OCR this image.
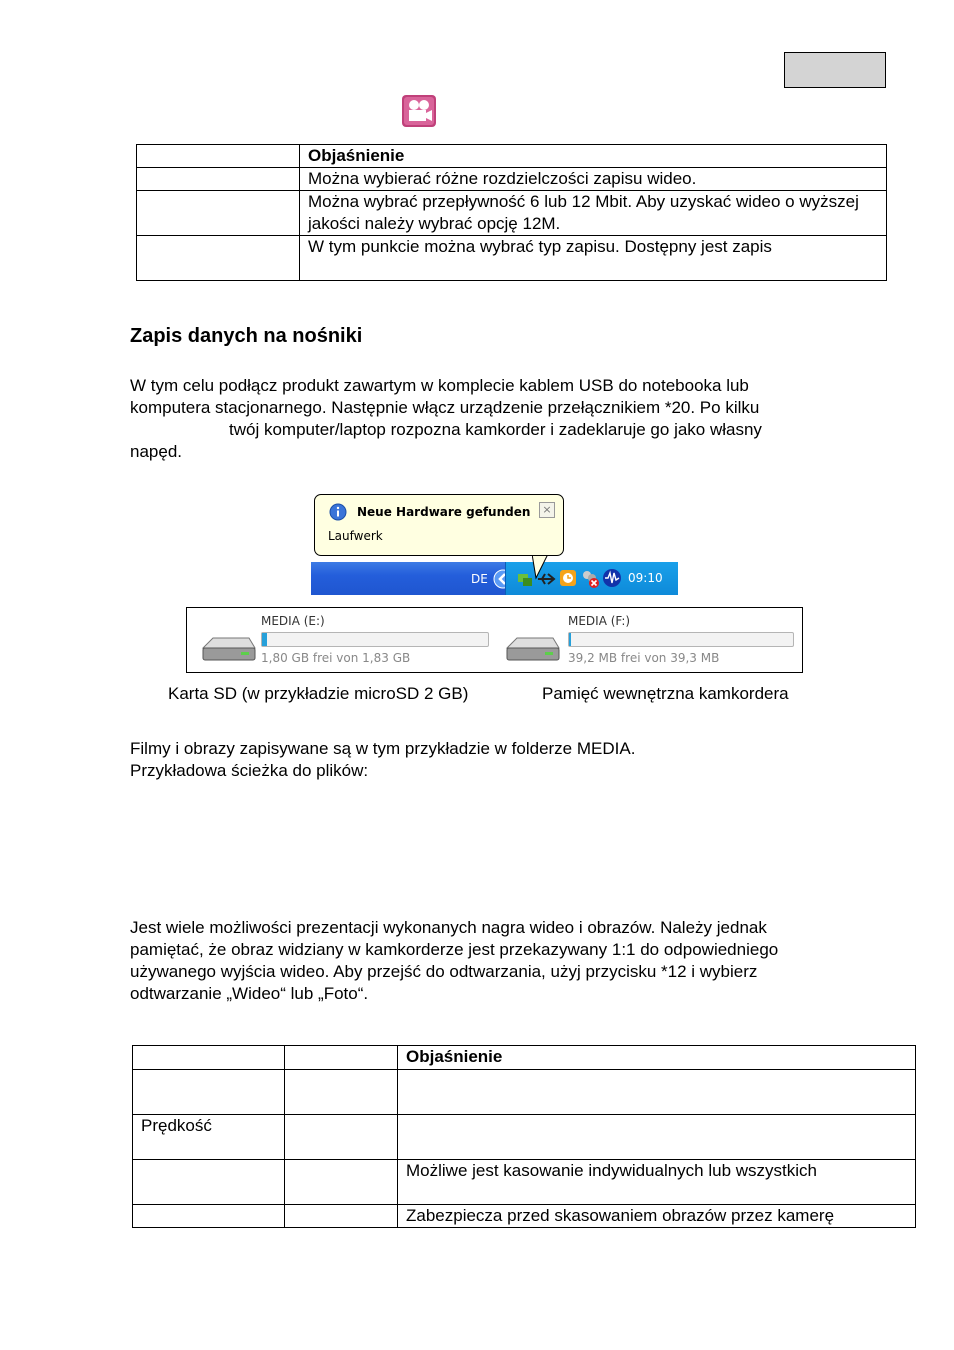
	Objaśnienie
	Można wybierać różne rozdzielczości zapisu wideo.
	Można wybrać przepływność 6 lub 12 Mbit. Aby uzyskać wideo o wyższej jakości należy wybrać opcję 12M.
	W tym punkcie można wybrać typ zapisu. Dostępny jest zapis
Zapis danych na nośniki
W tym celu podłącz produkt zawartym w komplecie kablem USB do notebooka lub
komputera stacjonarnego. Następnie włącz urządzenie przełącznikiem *20. Po kilku
twój komputer/laptop rozpozna kamkorder i zadeklaruje go jako własny
napęd.
DE	09:10
Neue Hardware gefunden
Laufwerk
×
MEDIA (E:)
1,80 GB frei von 1,83 GB
MEDIA (F:)
39,2 MB frei von 39,3 MB
Karta SD (w przykładzie microSD 2 GB)	Pamięć wewnętrzna kamkordera
Filmy i obrazy zapisywane są w tym przykładzie w folderze MEDIA.
Przykładowa ścieżka do plików:
Jest wiele możliwości prezentacji wykonanych nagra wideo i obrazów. Należy jednak
pamiętać, że obraz widziany w kamkorderze jest przekazywany 1:1 do odpowiedniego
używanego wyjścia wideo. Aby przejść do odtwarzania, użyj przycisku *12 i wybierz
odtwarzanie „Wideo“ lub „Foto“.
		Objaśnienie

Prędkość		
		Możliwe jest kasowanie indywidualnych lub wszystkich
		Zabezpiecza przed skasowaniem obrazów przez kamerę
